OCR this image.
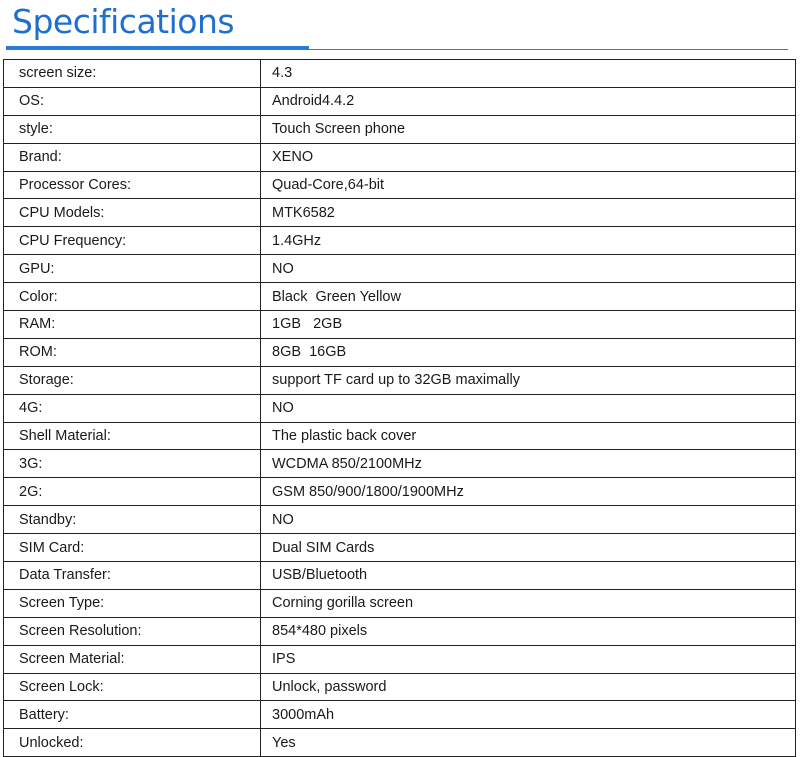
Specifications
screen size:	4.3
OS:	Android4.4.2
style:	Touch Screen phone
Brand:	XENO
Processor Cores:	Quad-Core,64-bit
CPU Models:	MTK6582
CPU Frequency:	1.4GHz
GPU:	NO
Color:	Black  Green Yellow
RAM:	1GB   2GB
ROM:	8GB  16GB
Storage:	support TF card up to 32GB maximally
4G:	NO
Shell Material:	The plastic back cover
3G:	WCDMA 850/2100MHz
2G:	GSM 850/900/1800/1900MHz
Standby:	NO
SIM Card:	Dual SIM Cards
Data Transfer:	USB/Bluetooth
Screen Type:	Corning gorilla screen
Screen Resolution:	854*480 pixels
Screen Material:	IPS
Screen Lock:	Unlock, password
Battery:	3000mAh
Unlocked:	Yes
